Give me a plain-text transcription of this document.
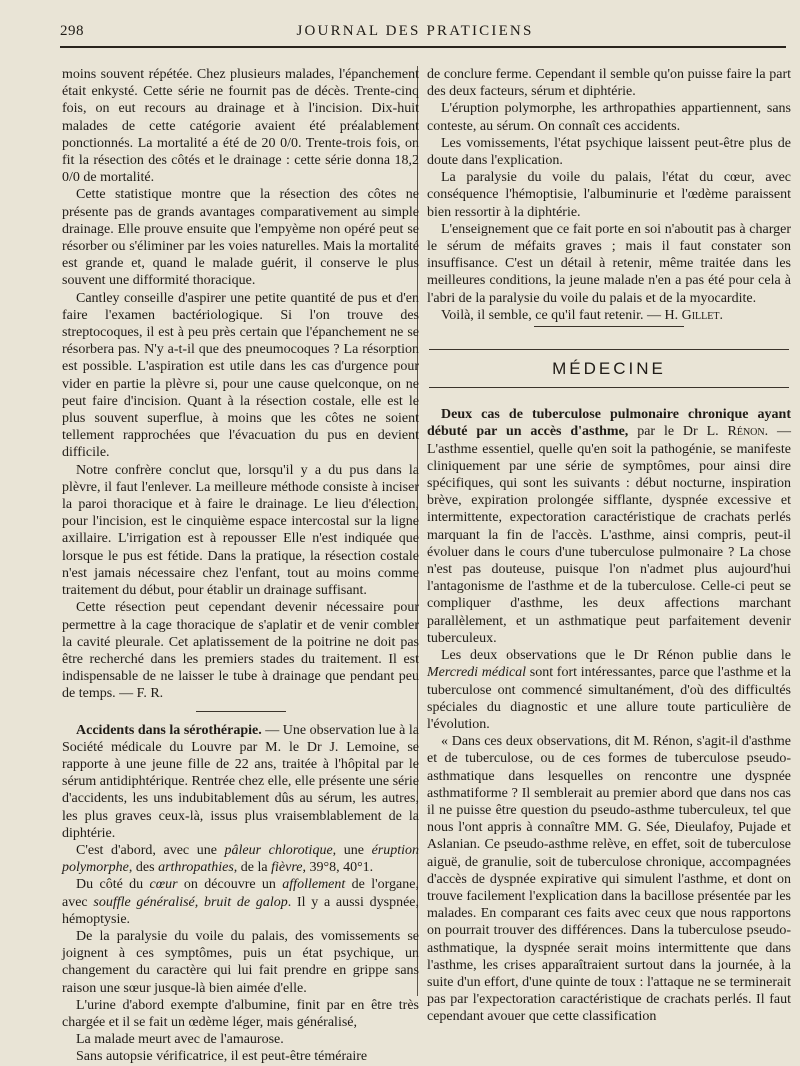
298	JOURNAL DES PRATICIENS

moins souvent répétée. Chez plusieurs malades, l'épanchement était enkysté. Cette série ne fournit pas de décès. Trente-cinq fois, on eut recours au drainage et à l'incision. Dix-huit malades de cette catégorie avaient été préalablement ponctionnés. La mortalité a été de 20 0/0. Trente-trois fois, on fit la résection des côtés et le drainage : cette série donna 18,2 0/0 de mortalité.

Cette statistique montre que la résection des côtes ne présente pas de grands avantages comparativement au simple drainage. Elle prouve ensuite que l'empyème non opéré peut se résorber ou s'éliminer par les voies naturelles. Mais la mortalité est grande et, quand le malade guérit, il conserve le plus souvent une difformité thoracique.

Cantley conseille d'aspirer une petite quantité de pus et d'en faire l'examen bactériologique. Si l'on trouve des streptocoques, il est à peu près certain que l'épanchement ne se résorbera pas. N'y a-t-il que des pneumocoques ? La résorption est possible. L'aspiration est utile dans les cas d'urgence pour vider en partie la plèvre si, pour une cause quelconque, on ne peut faire d'incision. Quant à la résection costale, elle est le plus souvent superflue, à moins que les côtes ne soient tellement rapprochées que l'évacuation du pus en devient difficile.

Notre confrère conclut que, lorsqu'il y a du pus dans la plèvre, il faut l'enlever. La meilleure méthode consiste à inciser la paroi thoracique et à faire le drainage. Le lieu d'élection, pour l'incision, est le cinquième espace intercostal sur la ligne axillaire. L'irrigation est à repousser Elle n'est indiquée que lorsque le pus est fétide. Dans la pratique, la résection costale n'est jamais nécessaire chez l'enfant, tout au moins comme traitement du début, pour établir un drainage suffisant.

Cette résection peut cependant devenir nécessaire pour permettre à la cage thoracique de s'aplatir et de venir combler la cavité pleurale. Cet aplatissement de la poitrine ne doit pas être recherché dans les premiers stades du traitement. Il est indispensable de ne laisser le tube à drainage que pendant peu de temps. — F. R.

Accidents dans la sérothérapie. — Une observation lue à la Société médicale du Louvre par M. le Dr J. Lemoine, se rapporte à une jeune fille de 22 ans, traitée à l'hôpital par le sérum antidiphtérique. Rentrée chez elle, elle présente une série d'accidents, les uns indubitablement dûs au sérum, les autres, les plus graves ceux-là, issus plus vraisemblablement de la diphtérie.

C'est d'abord, avec une pâleur chlorotique, une éruption polymorphe, des arthropathies, de la fièvre, 39°8, 40°1.

Du côté du cœur on découvre un affollement de l'organe, avec souffle généralisé, bruit de galop. Il y a aussi dyspnée, hémoptysie.

De la paralysie du voile du palais, des vomissements se joignent à ces symptômes, puis un état psychique, un changement du caractère qui lui fait prendre en grippe sans raison une sœur jusque-là bien aimée d'elle.

L'urine d'abord exempte d'albumine, finit par en être très chargée et il se fait un œdème léger, mais généralisé,

La malade meurt avec de l'amaurose.

Sans autopsie vérificatrice, il est peut-être téméraire

de conclure ferme. Cependant il semble qu'on puisse faire la part des deux facteurs, sérum et diphtérie.

L'éruption polymorphe, les arthropathies appartiennent, sans conteste, au sérum. On connaît ces accidents.

Les vomissements, l'état psychique laissent peut-être plus de doute dans l'explication.

La paralysie du voile du palais, l'état du cœur, avec conséquence l'hémoptisie, l'albuminurie et l'œdème paraissent bien ressortir à la diphtérie.

L'enseignement que ce fait porte en soi n'aboutit pas à charger le sérum de méfaits graves ; mais il faut constater son insuffisance. C'est un détail à retenir, même traitée dans les meilleures conditions, la jeune malade n'en a pas été pour cela à l'abri de la paralysie du voile du palais et de la myocardite.

Voilà, il semble, ce qu'il faut retenir. — H. Gillet.

MÉDECINE

Deux cas de tuberculose pulmonaire chronique ayant débuté par un accès d'asthme, par le Dr L. Rénon. — L'asthme essentiel, quelle qu'en soit la pathogénie, se manifeste cliniquement par une série de symptômes, pour ainsi dire spécifiques, qui sont les suivants : début nocturne, inspiration brève, expiration prolongée sifflante, dyspnée excessive et intermittente, expectoration caractéristique de crachats perlés marquant la fin de l'accès. L'asthme, ainsi compris, peut-il évoluer dans le cours d'une tuberculose pulmonaire ? La chose n'est pas douteuse, puisque l'on n'admet plus aujourd'hui l'antagonisme de l'asthme et de la tuberculose. Celle-ci peut se compliquer d'asthme, les deux affections marchant parallèlement, et un asthmatique peut parfaitement devenir tuberculeux.

Les deux observations que le Dr Rénon publie dans le Mercredi médical sont fort intéressantes, parce que l'asthme et la tuberculose ont commencé simultanément, d'où des difficultés spéciales du diagnostic et une allure toute particulière de l'évolution.

« Dans ces deux observations, dit M. Rénon, s'agit-il d'asthme et de tuberculose, ou de ces formes de tuberculose pseudo-asthmatique dans lesquelles on rencontre une dyspnée asthmatiforme ? Il semblerait au premier abord que dans nos cas il ne puisse être question du pseudo-asthme tuberculeux, tel que nous l'ont appris à connaître MM. G. Sée, Dieulafoy, Pujade et Aslanian. Ce pseudo-asthme relève, en effet, soit de tuberculose aiguë, de granulie, soit de tuberculose chronique, accompagnées d'accès de dyspnée expirative qui simulent l'asthme, et dont on trouve facilement l'explication dans la bacillose présentée par les malades. En comparant ces faits avec ceux que nous rapportons on pourrait trouver des différences. Dans la tuberculose pseudo-asthmatique, la dyspnée serait moins intermittente que dans l'asthme, les crises apparaîtraient surtout dans la journée, à la suite d'un effort, d'une quinte de toux : l'attaque ne se terminerait pas par l'expectoration caractéristique de crachats perlés. Il faut cependant avouer que cette classification
